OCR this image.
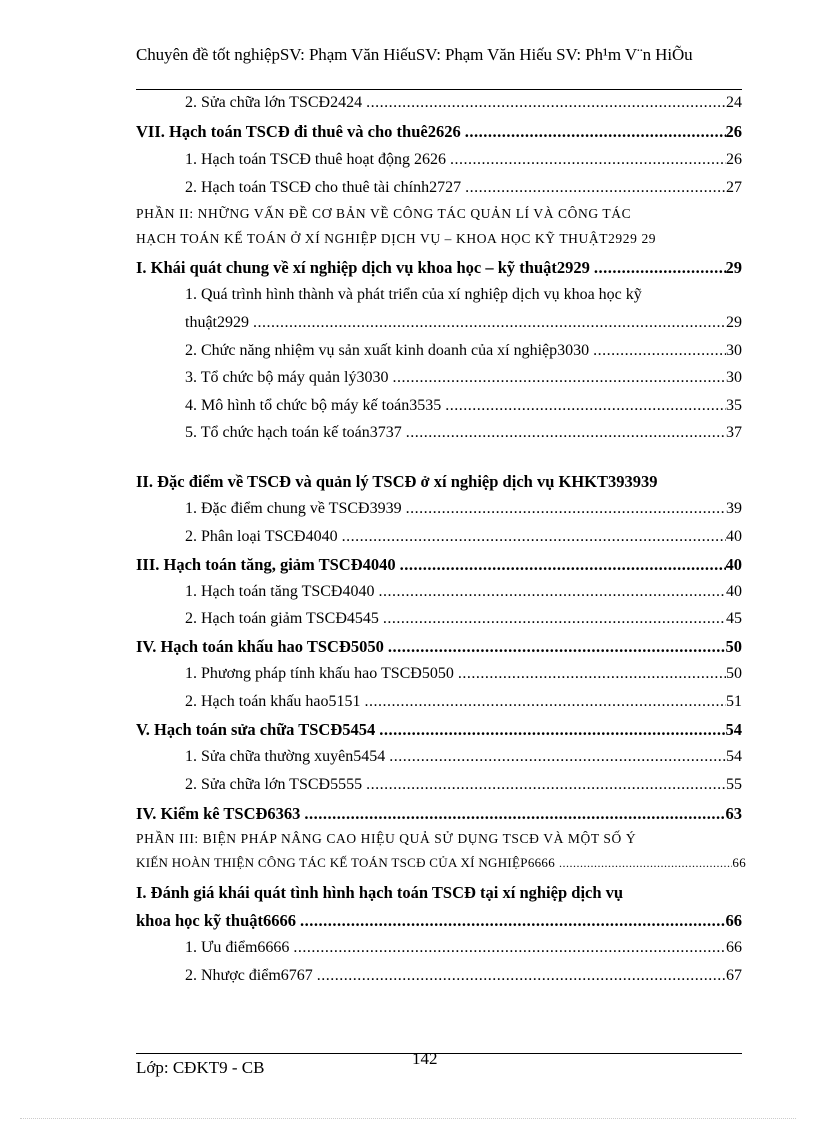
Chuyên đề tốt nghiệpSV: Phạm Văn HiếuSV: Phạm Văn Hiếu SV: Ph¹m V¨n HiÕu
2. Sửa chữa lớn TSCĐ2424 .....	24
VII. Hạch toán TSCĐ đi thuê và cho thuê2626 .....	26
1. Hạch toán TSCĐ thuê hoạt động 2626 .....	26
2. Hạch toán TSCĐ cho thuê tài chính2727 .....	27
PHẦN II: NHỮNG VẤN ĐỀ CƠ BẢN VỀ CÔNG TÁC QUẢN LÍ VÀ CÔNG TÁC
HẠCH TOÁN KẾ TOÁN Ở XÍ NGHIỆP DỊCH VỤ – KHOA HỌC KỸ THUẬT2929 29
I. Khái quát chung về xí nghiệp dịch vụ khoa học – kỹ thuật2929 .....	29
1. Quá trình hình thành và phát triển của xí nghiệp dịch vụ khoa học kỹ
thuật2929 .....	29
2. Chức năng nhiệm vụ sản xuất kinh doanh của xí nghiệp3030 .....	30
3. Tổ chức bộ máy quản lý3030 .....	30
4. Mô hình tổ chức bộ máy kế toán3535 .....	35
5. Tổ chức hạch toán kế toán3737 .....	37
II. Đặc điểm về TSCĐ và quản lý TSCĐ ở xí nghiệp dịch vụ KHKT393939
1. Đặc điểm chung về TSCĐ3939 .....	39
2. Phân loại TSCĐ4040 .....	40
III. Hạch toán tăng, giảm TSCĐ4040 .....	40
1. Hạch toán tăng TSCĐ4040 .....	40
2. Hạch toán giảm TSCĐ4545 .....	45
IV. Hạch toán khấu hao TSCĐ5050 .....	50
1. Phương pháp tính khấu hao TSCĐ5050 .....	50
2. Hạch toán khấu hao5151 .....	51
V. Hạch toán sửa chữa TSCĐ5454 .....	54
1. Sửa chữa thường xuyên5454 .....	54
2. Sửa chữa lớn TSCĐ5555 .....	55
IV. Kiểm kê TSCĐ6363 .....	63
PHẦN III: BIỆN PHÁP NÂNG CAO HIỆU QUẢ SỬ DỤNG TSCĐ VÀ MỘT SỐ Ý
KIẾN HOÀN THIỆN CÔNG TÁC KẾ TOÁN TSCĐ CỦA XÍ NGHIỆP6666 .....	66
I. Đánh giá khái quát tình hình hạch toán TSCĐ tại xí nghiệp dịch vụ
khoa học kỹ thuật6666 .....	66
1. Ưu điểm6666 .....	66
2. Nhược điểm6767 .....	67
142
Lớp: CĐKT9 - CB
